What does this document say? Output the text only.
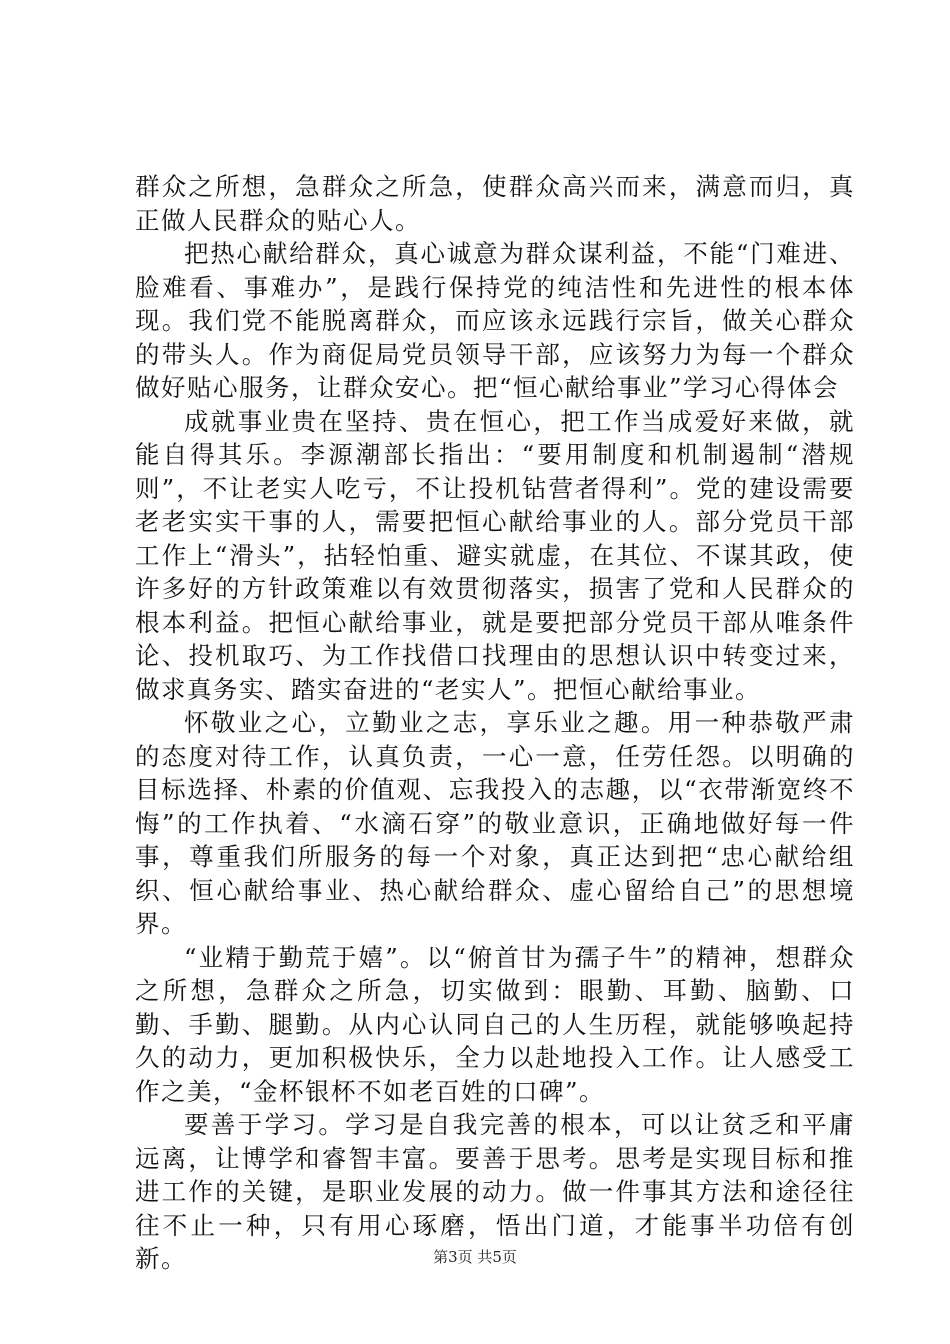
群众之所想，急群众之所急，使群众高兴而来，满意而归，真正做人民群众的贴心人。

把热心献给群众，真心诚意为群众谋利益，不能“门难进、脸难看、事难办”，是践行保持党的纯洁性和先进性的根本体现。我们党不能脱离群众，而应该永远践行宗旨，做关心群众的带头人。作为商促局党员领导干部，应该努力为每一个群众做好贴心服务，让群众安心。把“恒心献给事业”学习心得体会

成就事业贵在坚持、贵在恒心，把工作当成爱好来做，就能自得其乐。李源潮部长指出：“要用制度和机制遏制“潜规则”，不让老实人吃亏，不让投机钻营者得利”。党的建设需要老老实实干事的人，需要把恒心献给事业的人。部分党员干部工作上“滑头”，拈轻怕重、避实就虚，在其位、不谋其政，使许多好的方针政策难以有效贯彻落实，损害了党和人民群众的根本利益。把恒心献给事业，就是要把部分党员干部从唯条件论、投机取巧、为工作找借口找理由的思想认识中转变过来，做求真务实、踏实奋进的“老实人”。把恒心献给事业。

怀敬业之心，立勤业之志，享乐业之趣。用一种恭敬严肃的态度对待工作，认真负责，一心一意，任劳任怨。以明确的目标选择、朴素的价值观、忘我投入的志趣，以“衣带渐宽终不悔”的工作执着、“水滴石穿”的敬业意识，正确地做好每一件事，尊重我们所服务的每一个对象，真正达到把“忠心献给组织、恒心献给事业、热心献给群众、虚心留给自己”的思想境界。

“业精于勤荒于嬉”。以“俯首甘为孺子牛”的精神，想群众之所想，急群众之所急，切实做到：眼勤、耳勤、脑勤、口勤、手勤、腿勤。从内心认同自己的人生历程，就能够唤起持久的动力，更加积极快乐，全力以赴地投入工作。让人感受工作之美，“金杯银杯不如老百姓的口碑”。

要善于学习。学习是自我完善的根本，可以让贫乏和平庸远离，让博学和睿智丰富。要善于思考。思考是实现目标和推进工作的关键，是职业发展的动力。做一件事其方法和途径往往不止一种，只有用心琢磨，悟出门道，才能事半功倍有创新。	第3页 共5页
